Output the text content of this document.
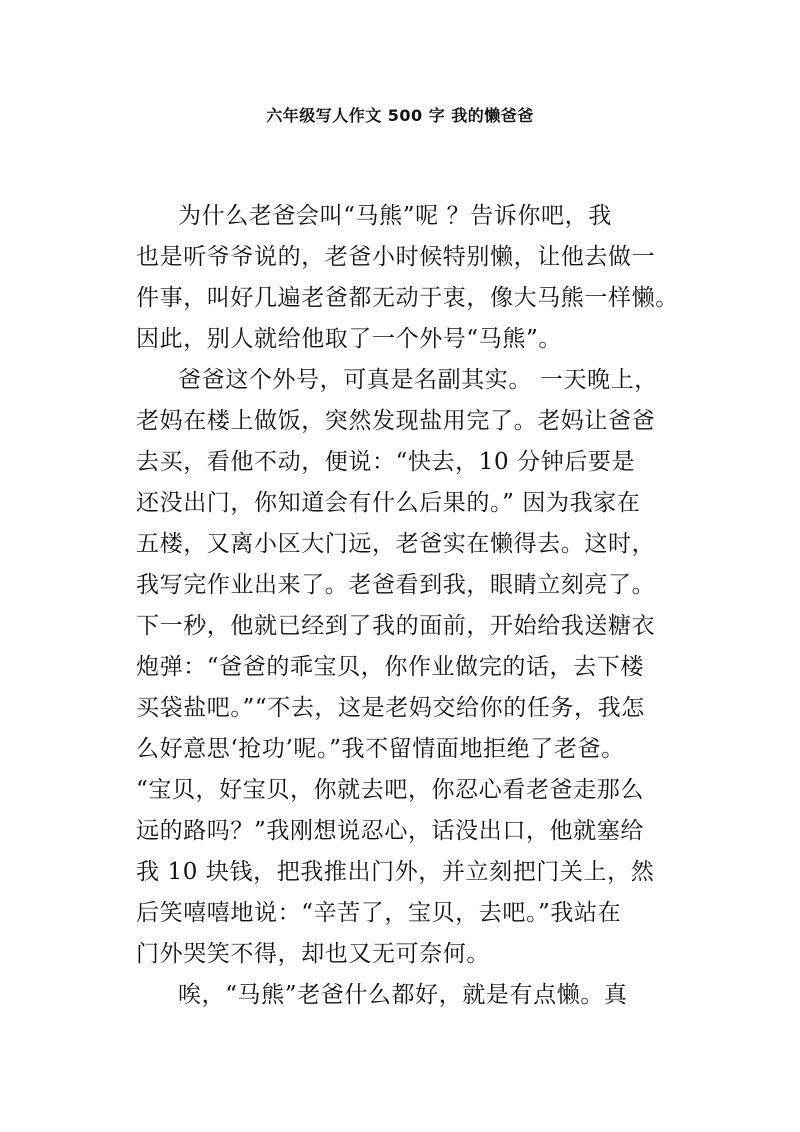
六年级写人作文 500 字 我的懒爸爸
为什么老爸会叫“马熊”呢 ？告诉你吧，我
也是听爷爷说的，老爸小时候特别懒，让他去做一
件事，叫好几遍老爸都无动于衷，像大马熊一样懒。
因此，别人就给他取了一个外号“马熊”。
爸爸这个外号，可真是名副其实。 一天晚上，
老妈在楼上做饭，突然发现盐用完了。老妈让爸爸
去买，看他不动，便说：“快去，10 分钟后要是
还没出门，你知道会有什么后果的。” 因为我家在
五楼，又离小区大门远，老爸实在懒得去。这时，
我写完作业出来了。老爸看到我，眼睛立刻亮了。
下一秒，他就已经到了我的面前，开始给我送糖衣
炮弹：“爸爸的乖宝贝，你作业做完的话，去下楼
买袋盐吧。”“不去，这是老妈交给你的任务，我怎
么好意思‘抢功’呢。”我不留情面地拒绝了老爸。
“宝贝，好宝贝，你就去吧，你忍心看老爸走那么
远的路吗？”我刚想说忍心，话没出口，他就塞给
我 10 块钱，把我推出门外，并立刻把门关上，然
后笑嘻嘻地说：“辛苦了，宝贝，去吧。”我站在
门外哭笑不得，却也又无可奈何。
唉，“马熊”老爸什么都好，就是有点懒。真
